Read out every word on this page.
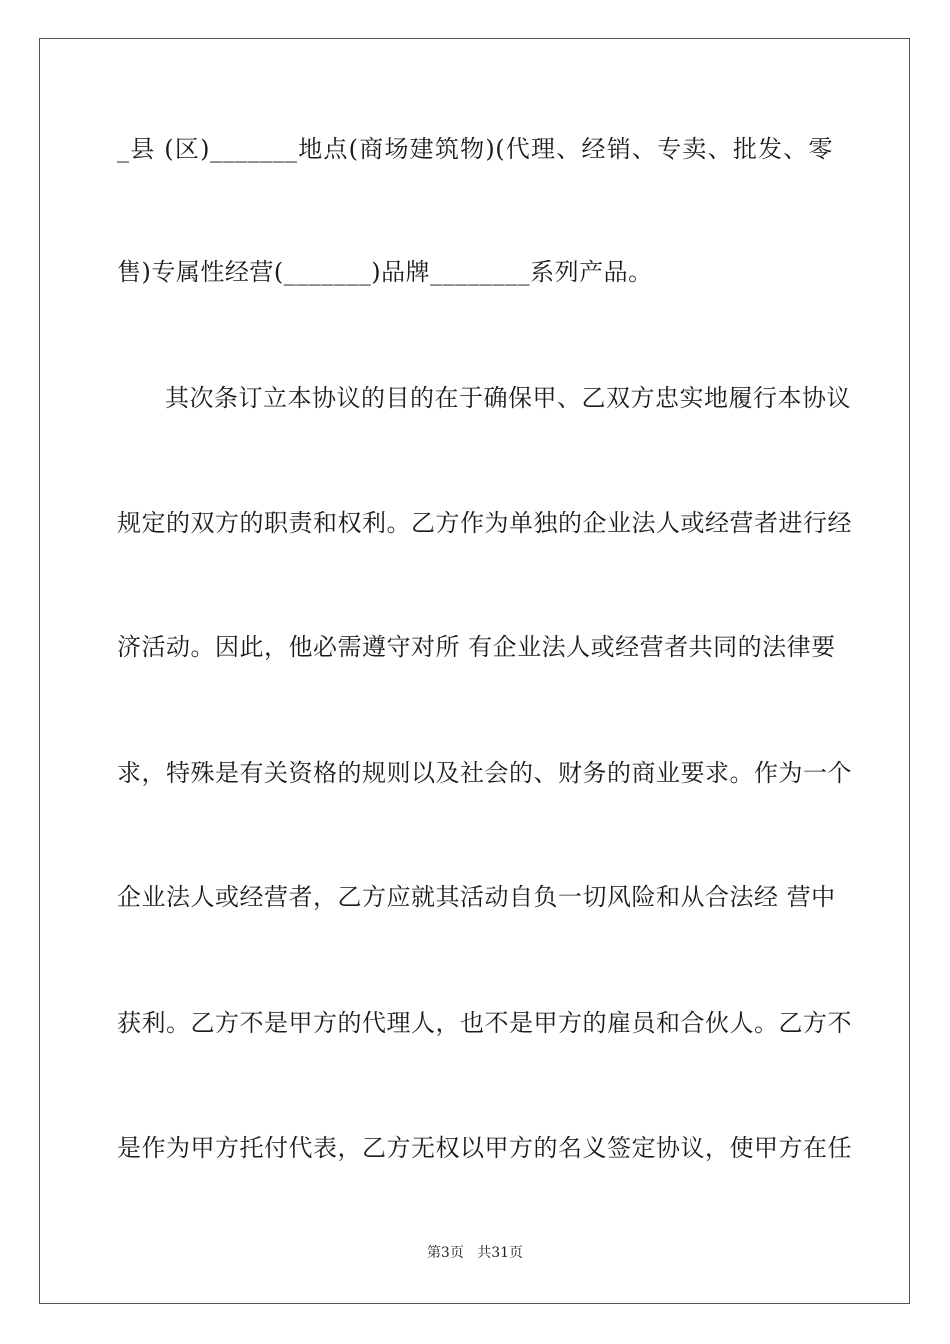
_县 (区)_______地点(商场建筑物)(代理、经销、专卖、批发、零
售)专属性经营(_______)品牌________系列产品。
其次条订立本协议的目的在于确保甲、乙双方忠实地履行本协议
规定的双方的职责和权利。乙方作为单独的企业法人或经营者进行经
济活动。因此，他必需遵守对所 有企业法人或经营者共同的法律要
求，特殊是有关资格的规则以及社会的、财务的商业要求。作为一个
企业法人或经营者，乙方应就其活动自负一切风险和从合法经 营中
获利。乙方不是甲方的代理人，也不是甲方的雇员和合伙人。乙方不
是作为甲方托付代表，乙方无权以甲方的名义签定协议，使甲方在任
第3页 共31页
